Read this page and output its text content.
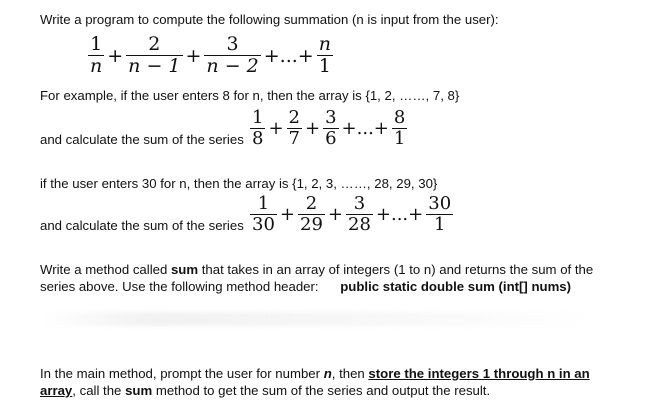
Write a program to compute the following summation (n is input from the user):
$\frac{1}{n} + \frac{2}{n - 1} + \frac{3}{n - 2}$ +...+ $\frac{n}{1}$
For example, if the user enters 8 for n, then the array is {1, 2, ……, 7, 8}
and calculate the sum of the series $\frac{1}{8} + \frac{2}{7} + \frac{3}{6}$ +...+ $\frac{8}{1}$
if the user enters 30 for n, then the array is {1, 2, 3, ……, 28, 29, 30}
and calculate the sum of the series $\frac{1}{30} + \frac{2}{29} + \frac{3}{28}$ +...+ $\frac{30}{1}$
Write a method called sum that takes in an array of integers (1 to n) and returns the sum of the
series above. Use the following method header: public static double sum (int[] nums)
In the main method, prompt the user for number n, then store the integers 1 through n in an
array, call the sum method to get the sum of the series and output the result.
